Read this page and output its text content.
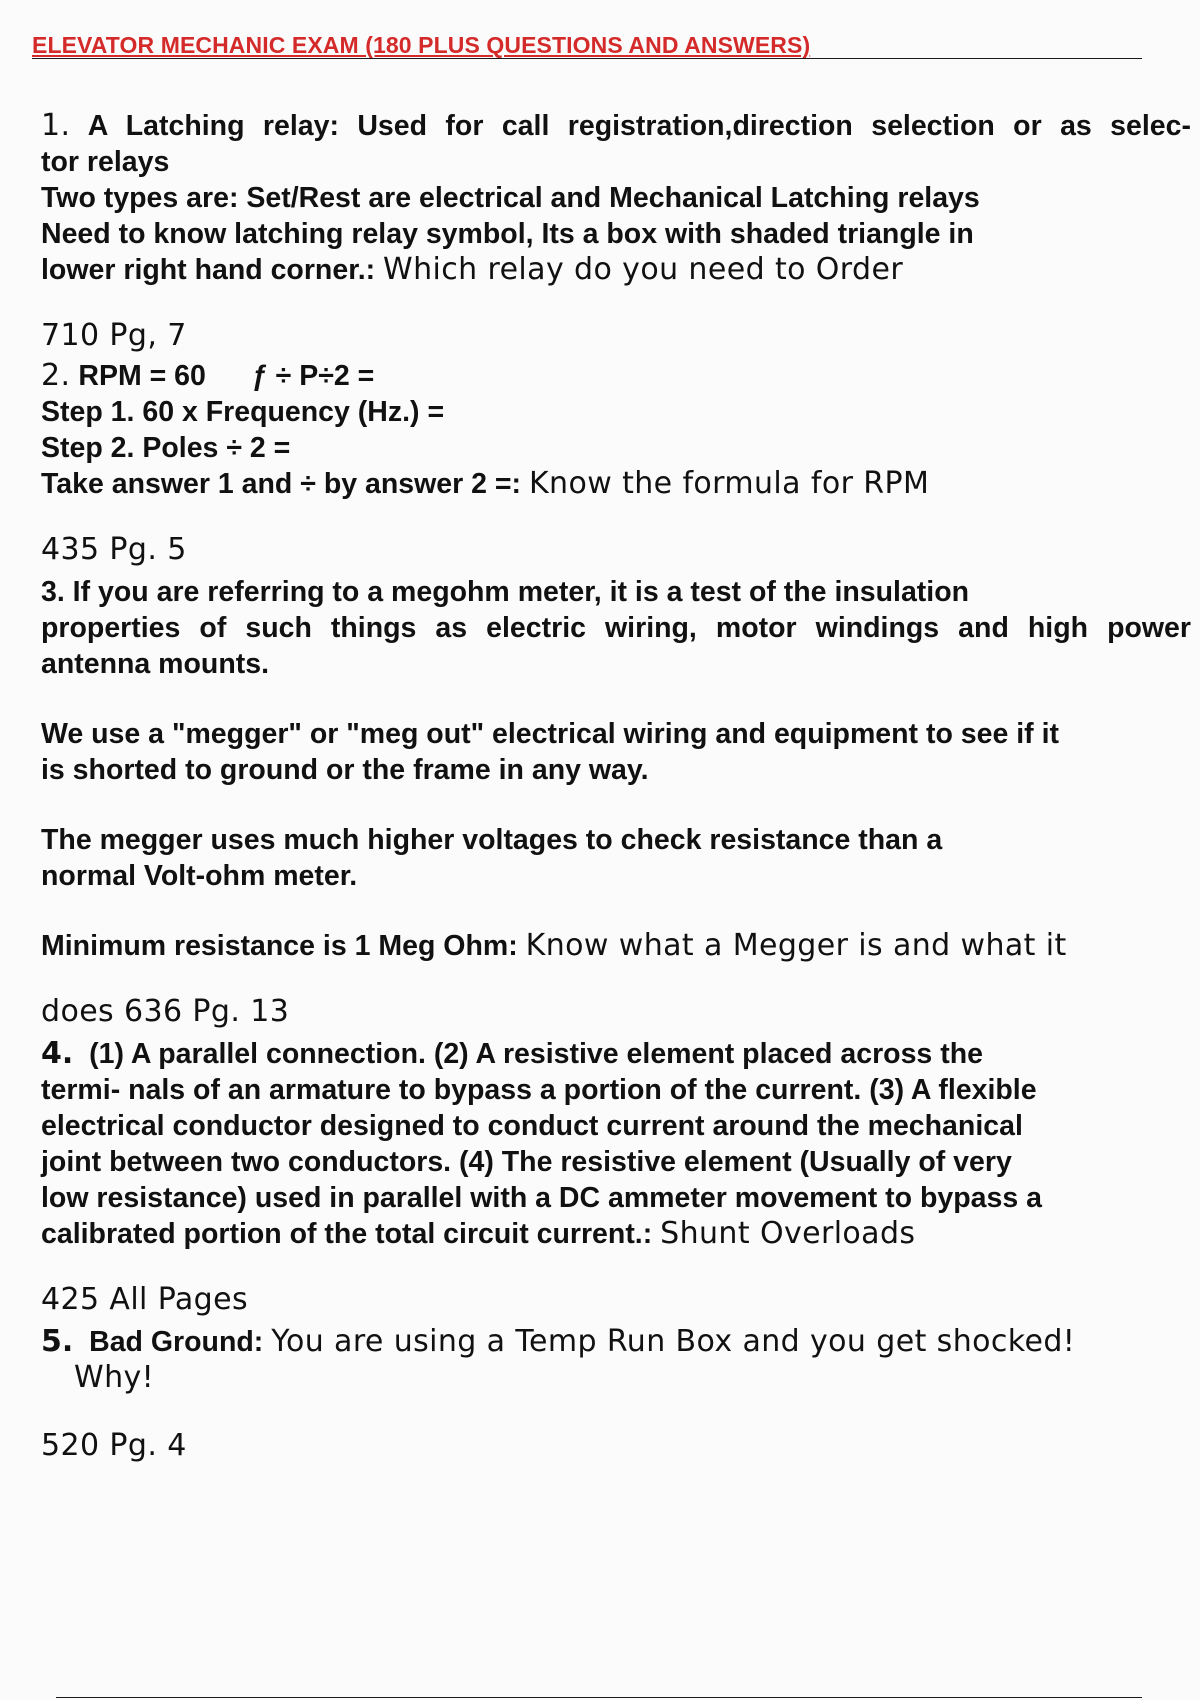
ELEVATOR MECHANIC EXAM (180 PLUS QUESTIONS AND ANSWERS)
1. A Latching relay: Used for call registration,direction selection or as selec-
tor relays
Two types are: Set/Rest are electrical and Mechanical Latching relays
Need to know latching relay symbol, Its a box with shaded triangle in
lower right hand corner.: Which relay do you need to Order
710 Pg, 7
2. RPM = 60 ƒ ÷ P÷2 =
Step 1. 60 x Frequency (Hz.) =
Step 2. Poles ÷ 2 =
Take answer 1 and ÷ by answer 2 =: Know the formula for RPM
435 Pg. 5
3. If you are referring to a megohm meter, it is a test of the insulation
properties of such things as electric wiring, motor windings and high power
antenna mounts.
We use a "megger" or "meg out" electrical wiring and equipment to see if it
is shorted to ground or the frame in any way.
The megger uses much higher voltages to check resistance than a
normal Volt-ohm meter.
Minimum resistance is 1 Meg Ohm: Know what a Megger is and what it
does 636 Pg. 13
4. (1) A parallel connection. (2) A resistive element placed across the
termi- nals of an armature to bypass a portion of the current. (3) A flexible
electrical conductor designed to conduct current around the mechanical
joint between two conductors. (4) The resistive element (Usually of very
low resistance) used in parallel with a DC ammeter movement to bypass a
calibrated portion of the total circuit current.: Shunt Overloads
425 All Pages
5. Bad Ground: You are using a Temp Run Box and you get shocked!
Why!
520 Pg. 4
